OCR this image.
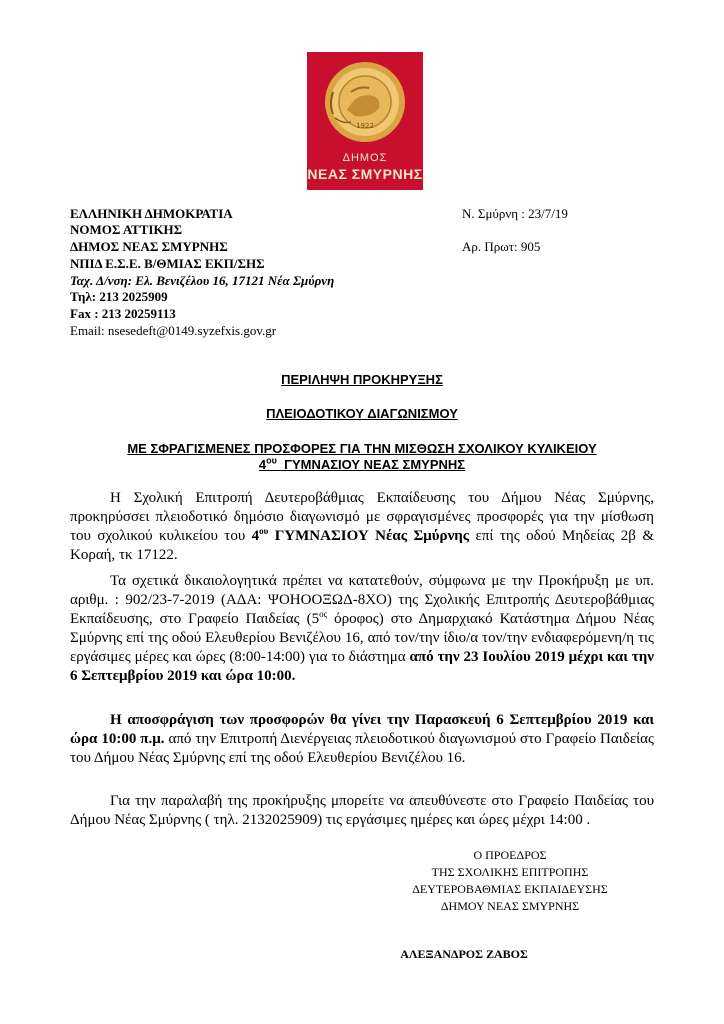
1922
ΔΗΜΟΣ
ΝΕΑΣ ΣΜΥΡΝΗΣ
ΕΛΛΗΝΙΚΗ ΔΗΜΟΚΡΑΤΙΑ
ΝΟΜΟΣ ΑΤΤΙΚΗΣ
ΔΗΜΟΣ ΝΕΑΣ ΣΜΥΡΝΗΣ
ΝΠΙΔ Ε.Σ.Ε. Β/ΘΜΙΑΣ ΕΚΠ/ΣΗΣ
Ταχ. Δ/νση: Ελ. Βενιζέλου 16, 17121 Νέα Σμύρνη
Τηλ: 213 2025909
Fax : 213 20259113
Email: nsesedeft@0149.syzefxis.gov.gr
Ν. Σμύρνη : 23/7/19
Αρ. Πρωτ: 905
ΠΕΡΙΛΗΨΗ ΠΡΟΚΗΡΥΞΗΣ
ΠΛΕΙΟΔΟΤΙΚΟΥ ΔΙΑΓΩΝΙΣΜΟΥ
ΜΕ ΣΦΡΑΓΙΣΜΕΝΕΣ ΠΡΟΣΦΟΡΕΣ ΓΙΑ ΤΗΝ ΜΙΣΘΩΣΗ ΣΧΟΛΙΚΟΥ ΚΥΛΙΚΕΙΟΥ
$4^{o\upsilon}$  ΓΥΜΝΑΣΙΟΥ ΝΕΑΣ ΣΜΥΡΝΗΣ

Η Σχολική Επιτροπή Δευτεροβάθμιας Εκπαίδευσης του Δήμου Νέας Σμύρνης, προκηρύσσει πλειοδοτικό δημόσιο διαγωνισμό με σφραγισμένες προσφορές για την μίσθωση του σχολικού κυλικείου του $4^{o\upsilon}$ ΓΥΜΝΑΣΙΟΥ Νέας Σμύρνης επί της οδού Μηδείας 2β & Κοραή, τκ 17122.

Τα σχετικά δικαιολογητικά πρέπει να κατατεθούν, σύμφωνα με την Προκήρυξη με υπ. αριθμ. : 902/23-7-2019 (ΑΔΑ: ΨΟΗΟΟΞΩΔ-8ΧΟ) της Σχολικής Επιτροπής Δευτεροβάθμιας Εκπαίδευσης, στο Γραφείο Παιδείας ($5^{o\varsigma}$ όροφος) στο Δημαρχιακό Κατάστημα Δήμου Νέας Σμύρνης επί της οδού Ελευθερίου Βενιζέλου 16, από τον/την ίδιο/α τον/την ενδιαφερόμενη/η τις εργάσιμες μέρες και ώρες (8:00-14:00) για το διάστημα από την 23 Ιουλίου 2019 μέχρι και την 6 Σεπτεμβρίου 2019 και ώρα 10:00.

Η αποσφράγιση των προσφορών θα γίνει την Παρασκευή 6 Σεπτεμβρίου 2019 και ώρα 10:00 π.μ. από την Επιτροπή Διενέργειας πλειοδοτικού διαγωνισμού στο Γραφείο Παιδείας του Δήμου Νέας Σμύρνης επί της οδού Ελευθερίου Βενιζέλου 16.

Για την παραλαβή της προκήρυξης μπορείτε να απευθύνεστε στο Γραφείο Παιδείας του Δήμου Νέας Σμύρνης ( τηλ. 2132025909) τις εργάσιμες ημέρες και ώρες μέχρι 14:00 .

Ο ΠΡΟΕΔΡΟΣ
ΤΗΣ ΣΧΟΛΙΚΗΣ ΕΠΙΤΡΟΠΗΣ
ΔΕΥΤΕΡΟΒΑΘΜΙΑΣ ΕΚΠΑΙΔΕΥΣΗΣ
ΔΗΜΟΥ ΝΕΑΣ ΣΜΥΡΝΗΣ
ΑΛΕΞΑΝΔΡΟΣ ΖΑΒΟΣ
